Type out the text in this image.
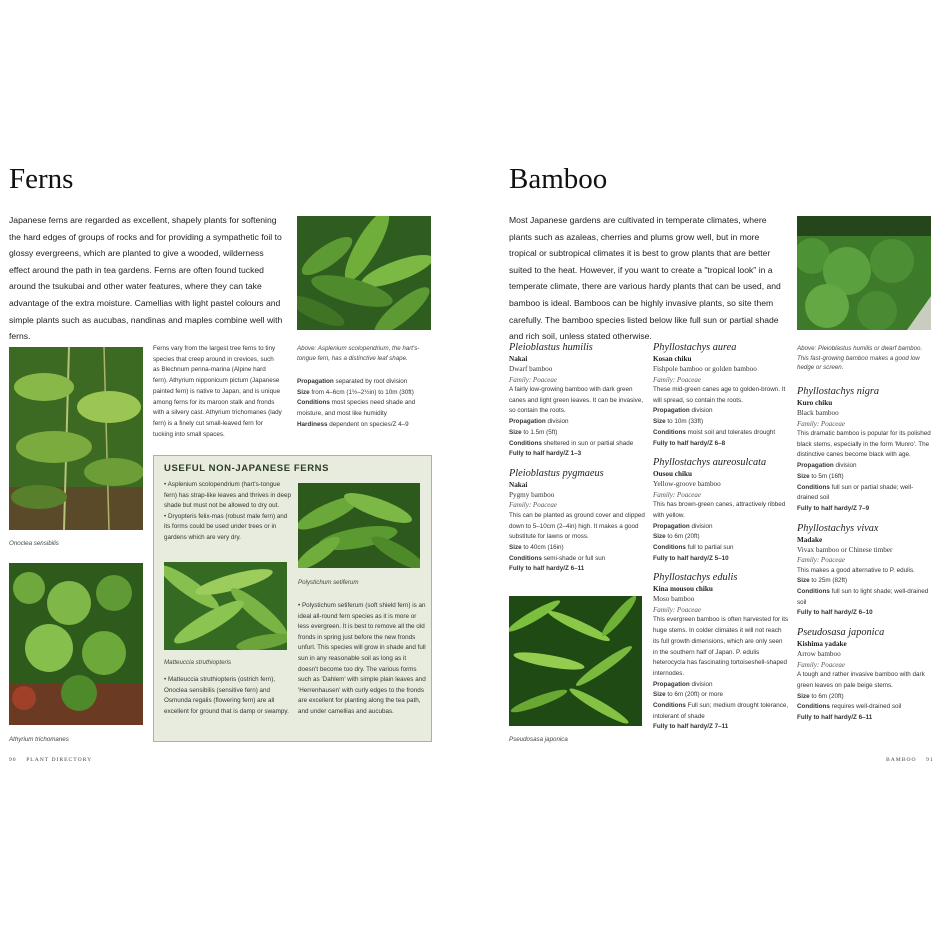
Ferns

Japanese ferns are regarded as excellent, shapely plants for softening the hard edges of groups of rocks and for providing a sympathetic foil to glossy evergreens, which are planted to give a wooded, wilderness effect around the path in tea gardens. Ferns are often found tucked around the tsukubai and other water features, where they can take advantage of the extra moisture. Camellias with light pastel colours and simple plants such as aucubas, nandinas and maples combine well with ferns.

Above: Asplenium scolopendrium, the hart's-tongue fern, has a distinctive leaf shape.

Onoclea sensibilis

Athyrium trichomanes

Ferns vary from the largest tree ferns to tiny species that creep around in crevices, such as Blechnum penna-marina (Alpine hard fern). Athyrium nipponicum pictum (Japanese painted fern) is native to Japan, and is unique among ferns for its maroon stalk and fronds with a silvery cast. Athyrium trichomanes (lady fern) is a finely cut small-leaved fern for tucking into small spaces.

Propagation separated by root division

Size from 4–6cm (1½–2½in) to 10m (30ft)

Conditions most species need shade and moisture, and most like humidity

Hardiness dependent on species/Z 4–9

USEFUL NON-JAPANESE FERNS

• Asplenium scolopendrium (hart's-tongue fern) has strap-like leaves and thrives in deep shade but must not be allowed to dry out.

• Dryopteris felix-mas (robust male fern) and its forms could be used under trees or in gardens which are very dry.

Polystichum setiferum

Matteuccia struthiopteris

• Matteuccia struthiopteris (ostrich fern), Onoclea sensibilis (sensitive fern) and Osmunda regalis (flowering fern) are all excellent for ground that is damp or swampy.

• Polystichum setiferum (soft shield fern) is an ideal all-round fern species as it is more or less evergreen. It is best to remove all the old fronds in spring just before the new fronds unfurl. This species will grow in shade and full sun in any reasonable soil as long as it doesn't become too dry. The various forms such as 'Dahlem' with simple plain leaves and 'Herrenhausen' with curly edges to the fronds are excellent for planting along the tea path, and under camellias and aucubas.

90 PLANT DIRECTORY
Bamboo

Most Japanese gardens are cultivated in temperate climates, where plants such as azaleas, cherries and plums grow well, but in more tropical or subtropical climates it is best to grow plants that are better suited to the heat. However, if you want to create a "tropical look" in a temperate climate, there are various hardy plants that can be used, and bamboo is ideal. Bamboos can be highly invasive plants, so site them carefully. The bamboo species listed below like full sun or partial shade and rich soil, unless stated otherwise.

Above: Pleioblastus humilis or dwarf bamboo. This fast-growing bamboo makes a good low hedge or screen.

Pleioblastus humilis

Nakai

Dwarf bamboo

Family: Poaceae

A fairly low-growing bamboo with dark green canes and light green leaves. It can be invasive, so contain the roots.

Propagation division

Size to 1.5m (5ft)

Conditions sheltered in sun or partial shade

Fully to half hardy/Z 1–3

Pleioblastus pygmaeus

Nakai

Pygmy bamboo

Family: Poaceae

This can be planted as ground cover and clipped down to 5–10cm (2–4in) high. It makes a good substitute for lawns or moss.

Size to 40cm (16in)

Conditions semi-shade or full sun

Fully to half hardy/Z 6–11

Pseudosasa japonica

Phyllostachys aurea

Kosan chiku

Fishpole bamboo or golden bamboo

Family: Poaceae

These mid-green canes age to golden-brown. It will spread, so contain the roots.

Propagation division

Size to 10m (33ft)

Conditions moist soil and tolerates drought

Fully to half hardy/Z 6–8

Phyllostachys aureosulcata

Ousou chiku

Yellow-groove bamboo

Family: Poaceae

This has brown-green canes, attractively ribbed with yellow.

Propagation division

Size to 6m (20ft)

Conditions full to partial sun

Fully to half hardy/Z 5–10

Phyllostachys edulis

Kina mousou chiku

Moso bamboo

Family: Poaceae

This evergreen bamboo is often harvested for its huge stems. In colder climates it will not reach its full growth dimensions, which are only seen in the southern half of Japan. P. edulis heterocycla has fascinating tortoiseshell-shaped internodes.

Propagation division

Size to 6m (20ft) or more

Conditions Full sun; medium drought tolerance, intolerant of shade

Fully to half hardy/Z 7–11

Phyllostachys nigra

Kuro chiku

Black bamboo

Family: Poaceae

This dramatic bamboo is popular for its polished black stems, especially in the form 'Munro'. The distinctive canes become black with age.

Propagation division

Size to 5m (16ft)

Conditions full sun or partial shade; well-drained soil

Fully to half hardy/Z 7–9

Phyllostachys vivax

Madake

Vivax bamboo or Chinese timber

Family: Poaceae

This makes a good alternative to P. edulis.

Size to 25m (82ft)

Conditions full sun to light shade; well-drained soil

Fully to half hardy/Z 6–10

Pseudosasa japonica

Kishima yadake

Arrow bamboo

Family: Poaceae

A tough and rather invasive bamboo with dark green leaves on pale beige stems.

Size to 6m (20ft)

Conditions requires well-drained soil

Fully to half hardy/Z 6–11

BAMBOO 91
